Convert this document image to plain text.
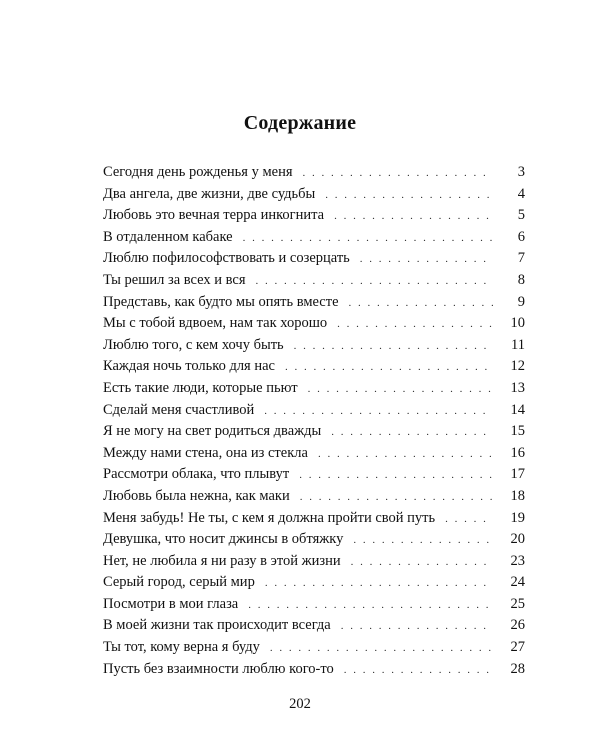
Содержание
Сегодня день рожденья у меня . . .	3
Два ангела, две жизни, две судьбы . . .	4
Любовь это вечная терра инкогнита . . .	5
В отдаленном кабаке . . .	6
Люблю пофилософствовать и созерцать . . .	7
Ты решил за всех и вся . . .	8
Представь, как будто мы опять вместе . . .	9
Мы с тобой вдвоем, нам так хорошо . . .	10
Люблю того, с кем хочу быть . . .	11
Каждая ночь только для нас . . .	12
Есть такие люди, которые пьют . . .	13
Сделай меня счастливой . . .	14
Я не могу на свет родиться дважды . . .	15
Между нами стена, она из стекла . . .	16
Рассмотри облака, что плывут . . .	17
Любовь была нежна, как маки . . .	18
Меня забудь! Не ты, с кем я должна пройти свой путь . . .	19
Девушка, что носит джинсы в обтяжку . . .	20
Нет, не любила я ни разу в этой жизни . . .	23
Серый город, серый мир . . .	24
Посмотри в мои глаза . . .	25
В моей жизни так происходит всегда . . .	26
Ты тот, кому верна я буду . . .	27
Пусть без взаимности люблю кого-то . . .	28
202
